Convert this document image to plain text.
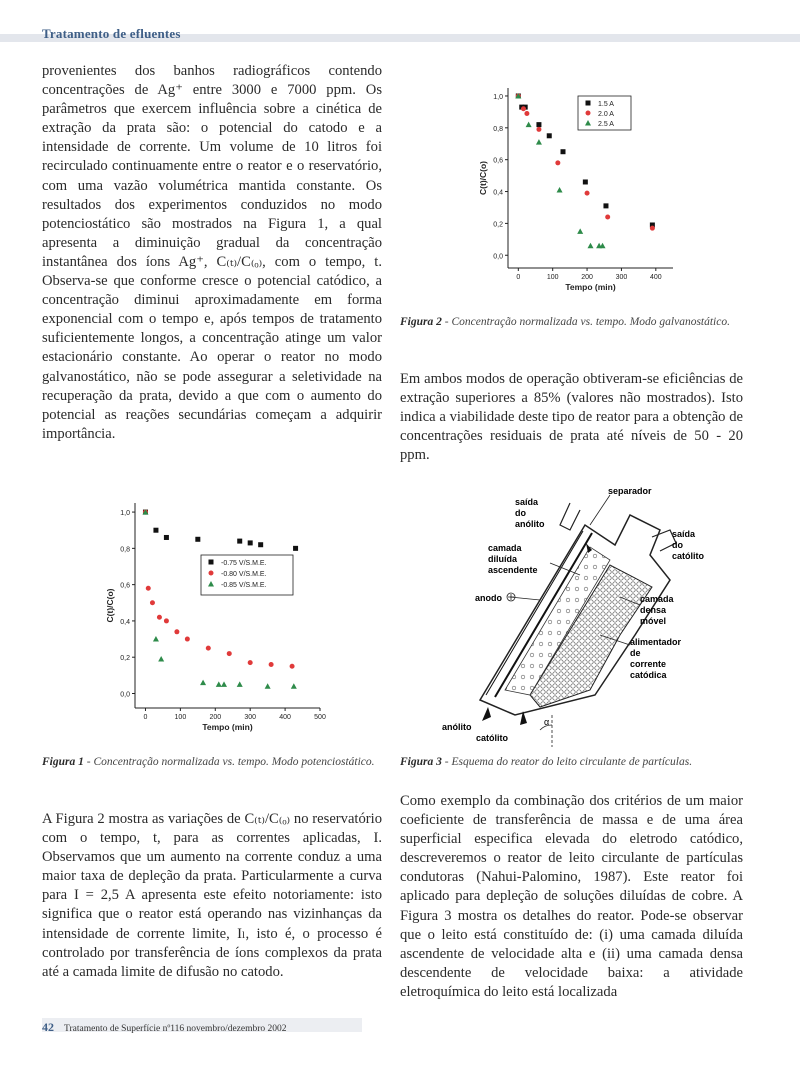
Tratamento de efluentes

provenientes dos banhos radiográficos contendo concentrações de Ag⁺ entre 3000 e 7000 ppm. Os parâmetros que exercem influência sobre a cinética de extração da prata são: o potencial do catodo e a intensidade de corrente. Um volume de 10 litros foi recirculado continuamente entre o reator e o reservatório, com uma vazão volumétrica mantida constante. Os resultados dos experimentos conduzidos no modo potenciostático são mostrados na Figura 1, a qual apresenta a diminuição gradual da concentração instantânea dos íons Ag⁺, C₍ₜ₎/C₍ₒ₎, com o tempo, t. Observa-se que conforme cresce o potencial catódico, a concentração diminui aproximadamente em forma exponencial com o tempo e, após tempos de tratamento suficientemente longos, a concentração atinge um valor estacionário constante. Ao operar o reator no modo galvanostático, não se pode assegurar a seletividade na recuperação da prata, devido a que com o aumento do potencial as reações secundárias começam a adquirir importância.

0,0
0,2
0,4
0,6
0,8
1,0
0	100	200	300	400
Tempo (min)
C(t)/C(o)
1.5 A
2.0 A
2.5 A
Figura 2 - Concentração normalizada vs. tempo. Modo galvanostático.

Em ambos modos de operação obtiveram-se eficiências de extração superiores a 85% (valores não mostrados). Isto indica a viabilidade deste tipo de reator para a obtenção de concentrações residuais de prata até níveis de 50 - 20 ppm.

0,0
0,2
0,4
0,6
0,8
1,0
0	100	200	300	400	500
Tempo (min)
C(t)/C(o)
-0.75 V/S.M.E.
-0.80 V/S.M.E.
-0.85 V/S.M.E.
Figura 1 - Concentração normalizada vs. tempo. Modo potenciostático.
separador
saída
do
anólito
saída
do
católito
camada
diluída
ascendente
anodo	camada
densa
móvel
alimentador
de
corrente
catódica
anólito
católito
α
Figura 3 - Esquema do reator do leito circulante de partículas.

A Figura 2 mostra as variações de C₍ₜ₎/C₍ₒ₎ no reservatório com o tempo, t, para as correntes aplicadas, I. Observamos que um aumento na corrente conduz a uma maior taxa de depleção da prata. Particularmente a curva para I = 2,5 A apresenta este efeito notoriamente: isto significa que o reator está operando nas vizinhanças da intensidade de corrente limite, Iₗ, isto é, o processo é controlado por transferência de íons complexos da prata até a camada limite de difusão no catodo.

Como exemplo da combinação dos critérios de um maior coeficiente de transferência de massa e de uma área superficial especifica elevada do eletrodo catódico, descreveremos o reator de leito circulante de partículas condutoras (Nahui-Palomino, 1987). Este reator foi aplicado para depleção de soluções diluídas de cobre. A Figura 3 mostra os detalhes do reator. Pode-se observar que o leito está constituído de: (i) uma camada diluída ascendente de velocidade alta e (ii) uma camada densa descendente de velocidade baixa: a atividade eletroquímica do leito está localizada

42 Tratamento de Superfície nº116 novembro/dezembro 2002
